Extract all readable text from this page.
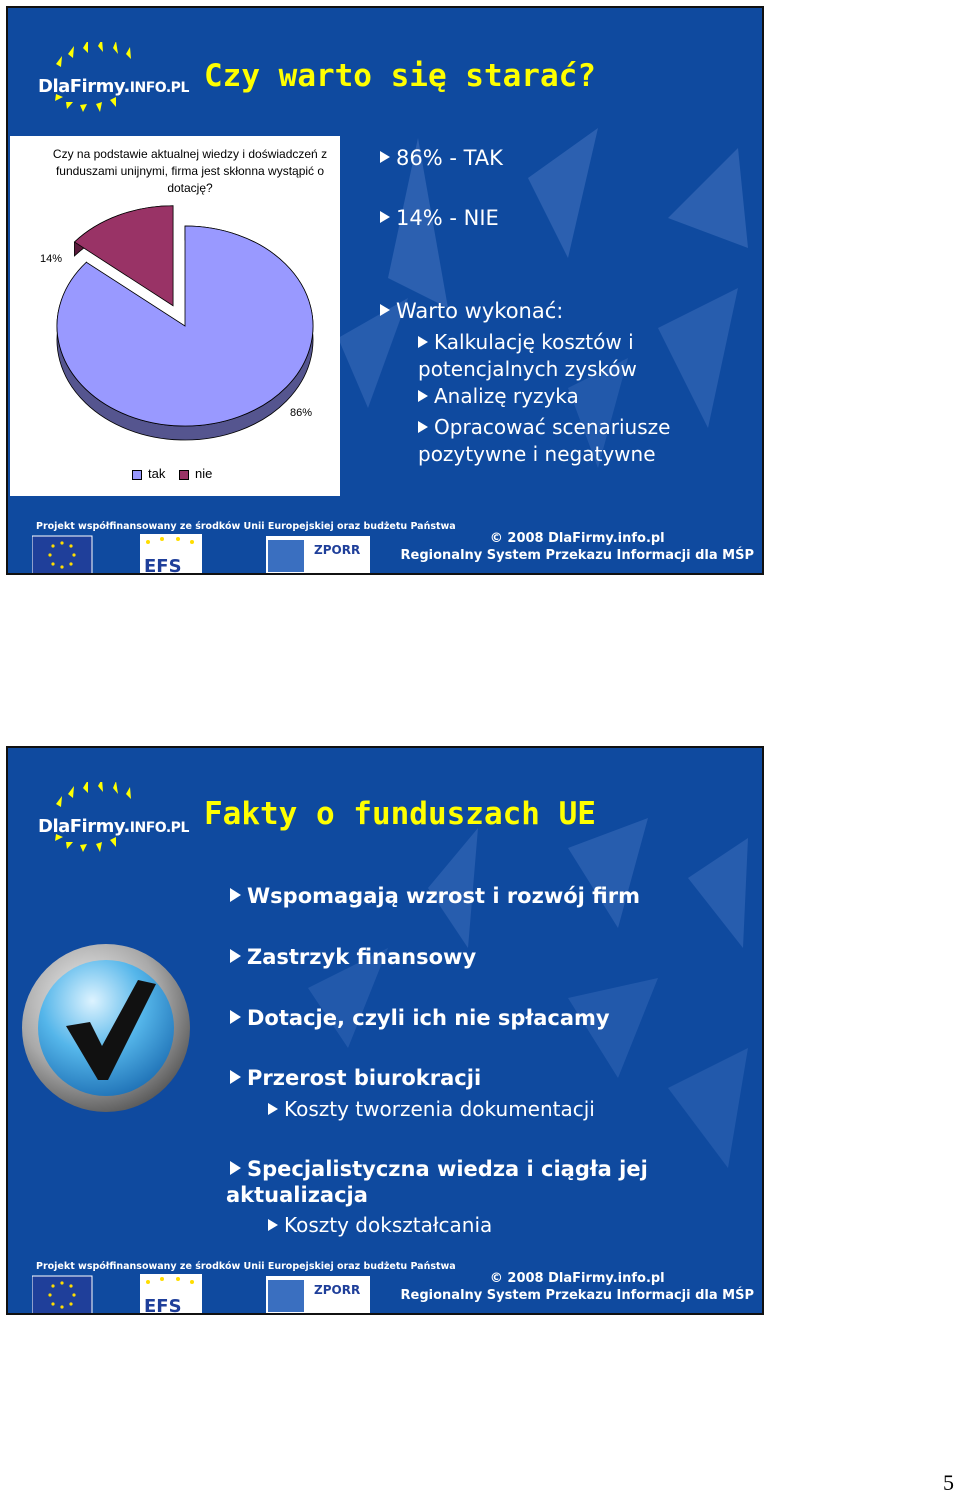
DlaFirmy.INFO.PL Czy warto się starać?
Czy na podstawie aktualnej wiedzy i doświadczeń z funduszami unijnymi, firma jest skłonna wystąpić o dotację?
14%
86%
tak nie
86% - TAK
14% - NIE
Warto wykonać:
Kalkulację kosztów i potencjalnych zysków
Analizę ryzyka
Opracować scenariusze pozytywne i negatywne
Projekt współfinansowany ze środków Unii Europejskiej oraz budżetu Państwa
EFS
ZPORR
© 2008 DlaFirmy.info.pl
Regionalny System Przekazu Informacji dla MŚP
DlaFirmy.INFO.PL Fakty o funduszach UE
Wspomagają wzrost i rozwój firm
Zastrzyk finansowy
Dotacje, czyli ich nie spłacamy
Przerost biurokracji
Koszty tworzenia dokumentacji
Specjalistyczna wiedza i ciągła jej
aktualizacja
Koszty dokształcania
Projekt współfinansowany ze środków Unii Europejskiej oraz budżetu Państwa
EFS
ZPORR
© 2008 DlaFirmy.info.pl
Regionalny System Przekazu Informacji dla MŚP
5
